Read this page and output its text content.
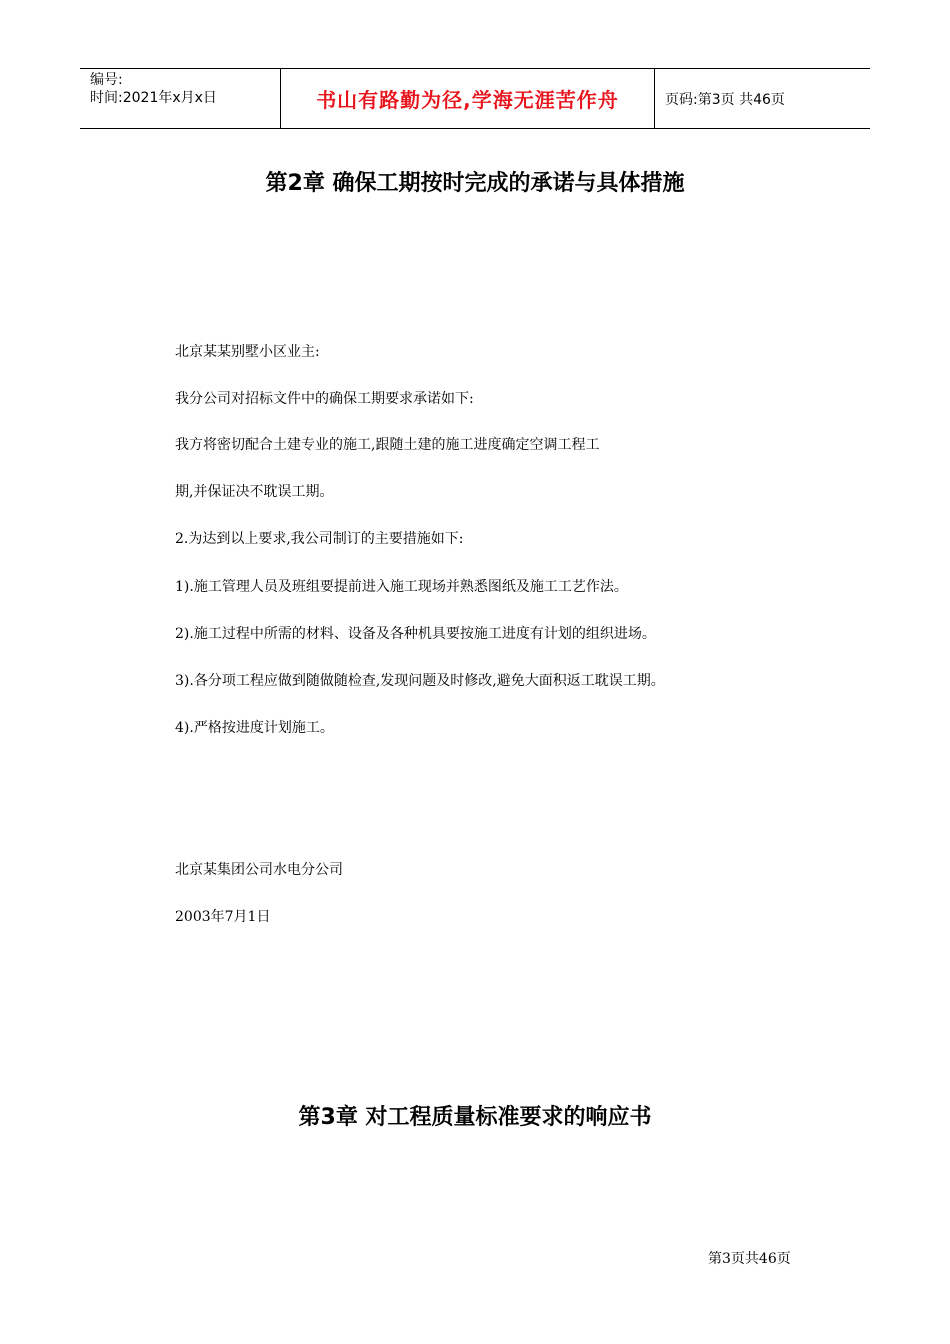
编号:
时间:2021年x月x日	书山有路勤为径,学海无涯苦作舟	页码:第3页 共46页
第2章 确保工期按时完成的承诺与具体措施
北京某某别墅小区业主:
我分公司对招标文件中的确保工期要求承诺如下:
我方将密切配合土建专业的施工,跟随土建的施工进度确定空调工程工
期,并保证决不耽误工期。
2.为达到以上要求,我公司制订的主要措施如下:
1).施工管理人员及班组要提前进入施工现场并熟悉图纸及施工工艺作法。
2).施工过程中所需的材料、设备及各种机具要按施工进度有计划的组织进场。
3).各分项工程应做到随做随检查,发现问题及时修改,避免大面积返工耽误工期。
4).严格按进度计划施工。
北京某集团公司水电分公司
2003年7月1日
第3章 对工程质量标准要求的响应书
第3页共46页
